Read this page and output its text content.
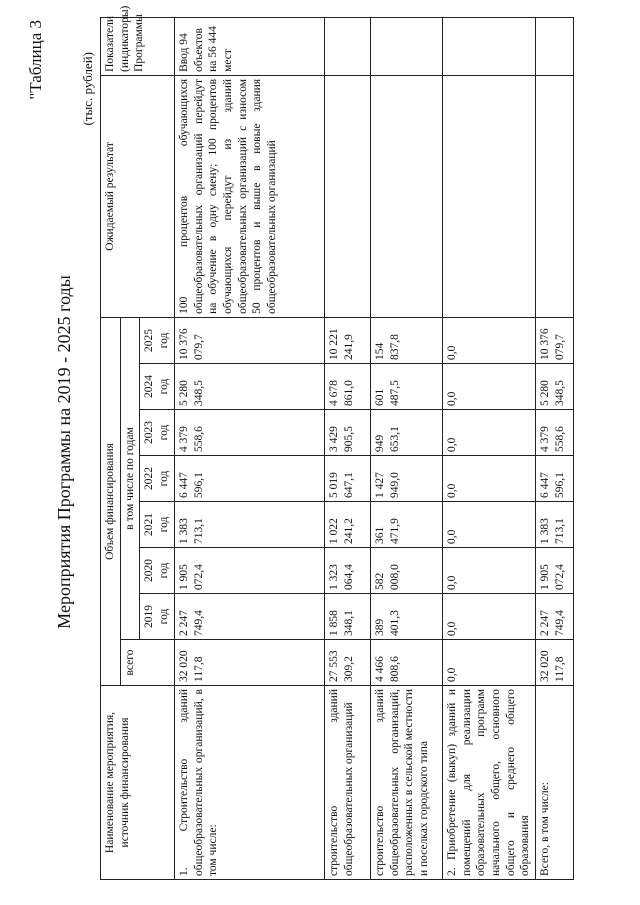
"Таблица 3
Мероприятия Программы на 2019 - 2025 годы
(тыс. рублей)
Наименование мероприятия, источник финансирования	Объем финансирования								Ожидаемый результат	Показатели (индикаторы) Программы
	всего	в том числе по годам								
		2019 год	2020 год	2021 год	2022 год	2023 год	2024 год	2025 год		
1. Строительство зданий общеобразовательных организаций, в том числе:	32 020 117,8	2 247 749,4	1 905 072,4	1 383 713,1	6 447 596,1	4 379 558,6	5 280 348,5	10 376 079,7	100 процентов обучающихся общеобразовательных организаций перейдут на обучение в одну смену; 100 процентов обучающихся перейдут из зданий общеобразовательных организаций с износом 50 процентов и выше в новые здания общеобразовательных организаций	Ввод 94 объектов на 56 444 мест
строительство зданий общеобразовательных организаций	27 553 309,2	1 858 348,1	1 323 064,4	1 022 241,2	5 019 647,1	3 429 905,5	4 678 861,0	10 221 241,9		
строительство зданий общеобразовательных организаций, расположенных в сельской местности и поселках городского типа	4 466 808,6	389 401,3	582 008,0	361 471,9	1 427 949,0	949 653,1	601 487,5	154 837,8		
2. Приобретение (выкуп) зданий и помещений для реализации образовательных программ начального общего, основного общего и среднего общего образования	0,0	0,0	0,0	0,0	0,0	0,0	0,0	0,0		
Всего, в том числе:	32 020 117,8	2 247 749,4	1 905 072,4	1 383 713,1	6 447 596,1	4 379 558,6	5 280 348,5	10 376 079,7		
